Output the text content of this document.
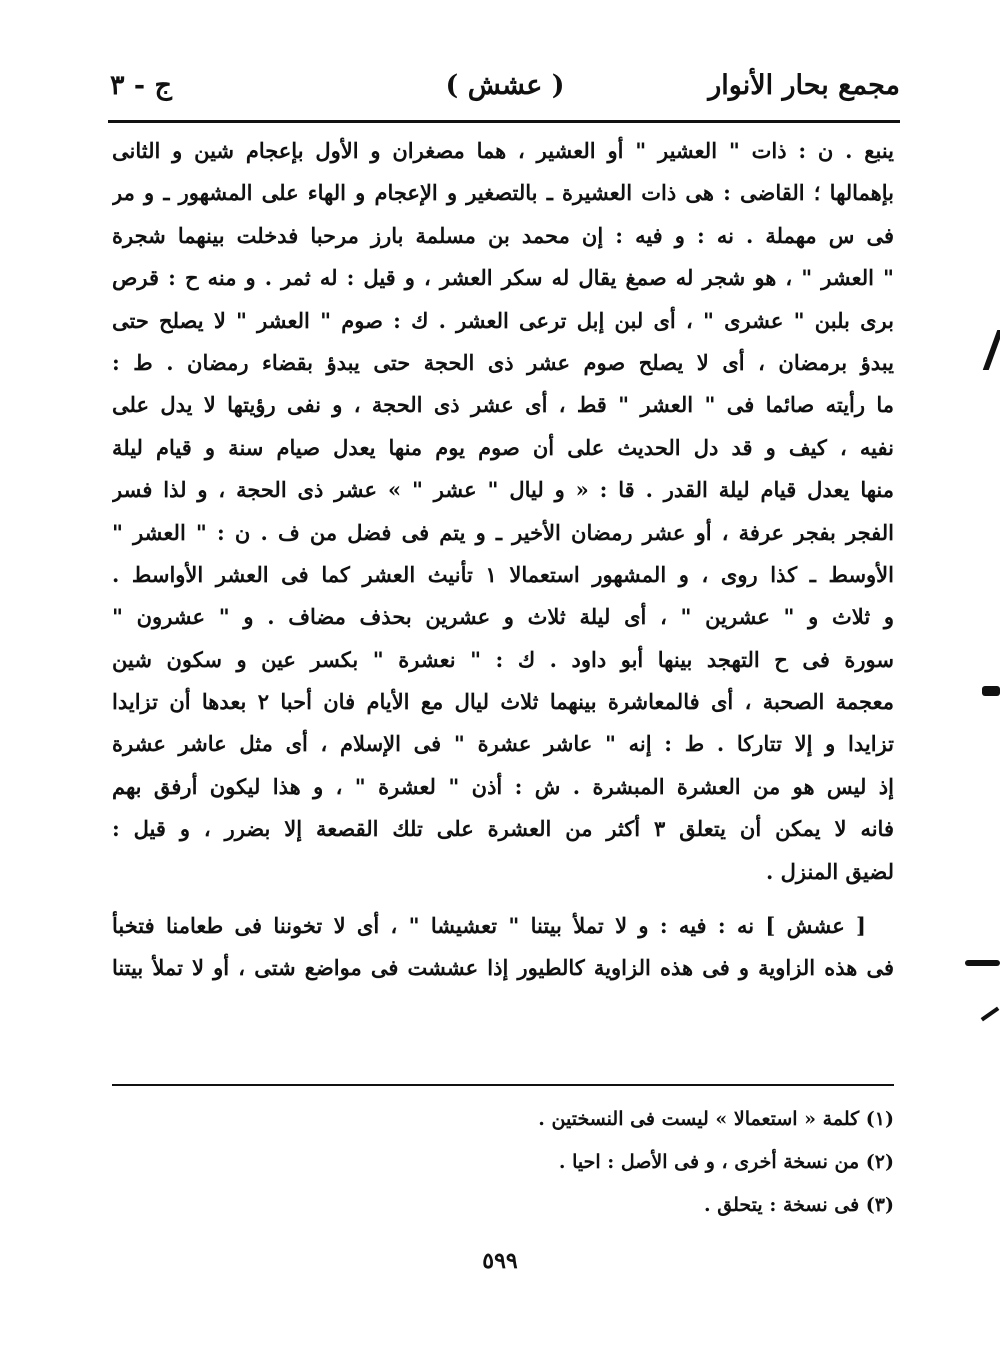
مجمع بحار الأنوار
( عشش )
ج - ٣

ينبع . ن : ذات " العشير " أو العشير ، هما مصغران و الأول بإعجام شين و الثانى
بإهمالها ؛ القاضى : هى ذات العشيرة ـ بالتصغير و الإعجام و الهاء على المشهور ـ و مر
فى س مهملة . نه : و فيه : إن محمد بن مسلمة بارز مرحبا فدخلت بينهما شجرة
" العشر " ، هو شجر له صمغ يقال له سكر العشر ، و قيل : له ثمر . و منه ح : قرص
برى بلبن " عشرى " ، أى لبن إبل ترعى العشر . ك : صوم " العشر " لا يصلح حتى
يبدؤ برمضان ، أى لا يصلح صوم عشر ذى الحجة حتى يبدؤ بقضاء رمضان . ط :
ما رأيته صائما فى " العشر " قط ، أى عشر ذى الحجة ، و نفى رؤيتها لا يدل على
نفيه ، كيف و قد دل الحديث على أن صوم يوم منها يعدل صيام سنة و قيام ليلة
منها يعدل قيام ليلة القدر . قا : « و ليال " عشر " » عشر ذى الحجة ، و لذا فسر
الفجر بفجر عرفة ، أو عشر رمضان الأخير ـ و يتم فى فضل من ف . ن : " العشر "
الأوسط ـ كذا روى ، و المشهور استعمالا ١ تأنيث العشر كما فى العشر الأواسط .
و ثلاث و " عشرين " ، أى ليلة ثلاث و عشرين بحذف مضاف . و " عشرون "
سورة فى ح التهجد بينها أبو داود . ك : " نعشرة " بكسر عين و سكون شين
معجمة الصحبة ، أى فالمعاشرة بينهما ثلاث ليال مع الأيام فان أحبا ٢ بعدها أن تزايدا
تزايدا و إلا تتاركا . ط : إنه " عاشر عشرة " فى الإسلام ، أى مثل عاشر عشرة
إذ ليس هو من العشرة المبشرة . ش : أذن " لعشرة " ، و هذا ليكون أرفق بهم
فانه لا يمكن أن يتعلق ٣ أكثر من العشرة على تلك القصعة إلا بضرر ، و قيل :
لضيق المنزل .

[ عشش ] نه : فيه : و لا تملأ بيتنا " تعشيشا " ، أى لا تخوننا فى طعامنا فتخبأ
فى هذه الزاوية و فى هذه الزاوية كالطيور إذا عششت فى مواضع شتى ، أو لا تملأ بيتنا

(١) كلمة « استعمالا » ليست فى النسختين .
(٢) من نسخة أخرى ، و فى الأصل : احيا .
(٣) فى نسخة : يتحلق .
٥٩٩
